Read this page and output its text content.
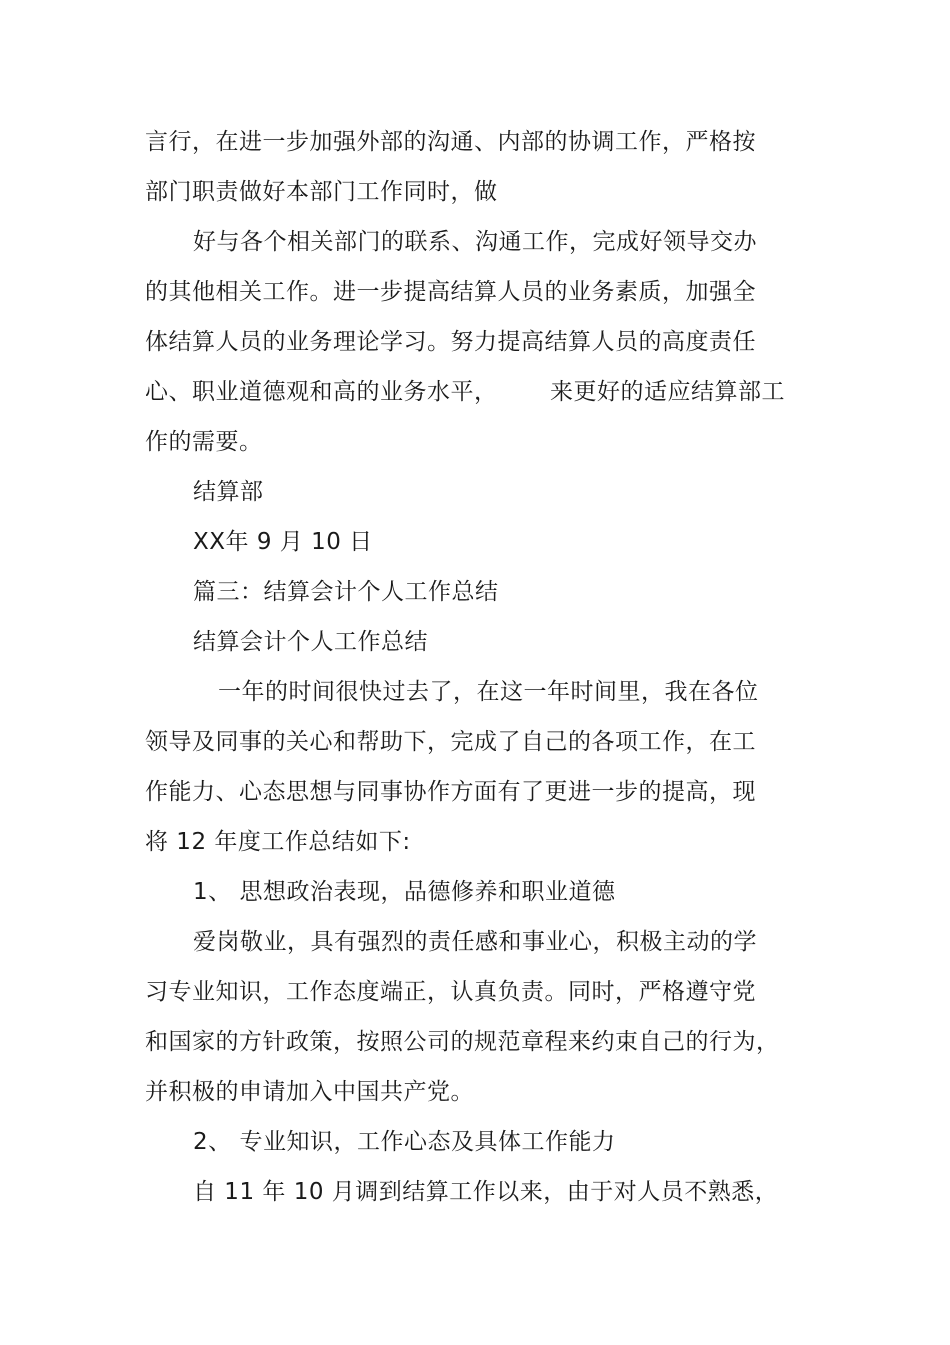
言行，在进一步加强外部的沟通、内部的协调工作，严格按
部门职责做好本部门工作同时，做
好与各个相关部门的联系、沟通工作，完成好领导交办
的其他相关工作。进一步提高结算人员的业务素质，加强全
体结算人员的业务理论学习。努力提高结算人员的高度责任
心、职业道德观和高的业务水平， 来更好的适应结算部工
作的需要。
结算部
XX年 9 月 10 日
篇三：结算会计个人工作总结
结算会计个人工作总结
一年的时间很快过去了，在这一年时间里，我在各位
领导及同事的关心和帮助下，完成了自己的各项工作，在工
作能力、心态思想与同事协作方面有了更进一步的提高，现
将 12 年度工作总结如下:
1、 思想政治表现，品德修养和职业道德
爱岗敬业，具有强烈的责任感和事业心，积极主动的学
习专业知识，工作态度端正，认真负责。同时，严格遵守党
和国家的方针政策，按照公司的规范章程来约束自己的行为，
并积极的申请加入中国共产党。
2、 专业知识，工作心态及具体工作能力
自 11 年 10 月调到结算工作以来，由于对人员不熟悉，
